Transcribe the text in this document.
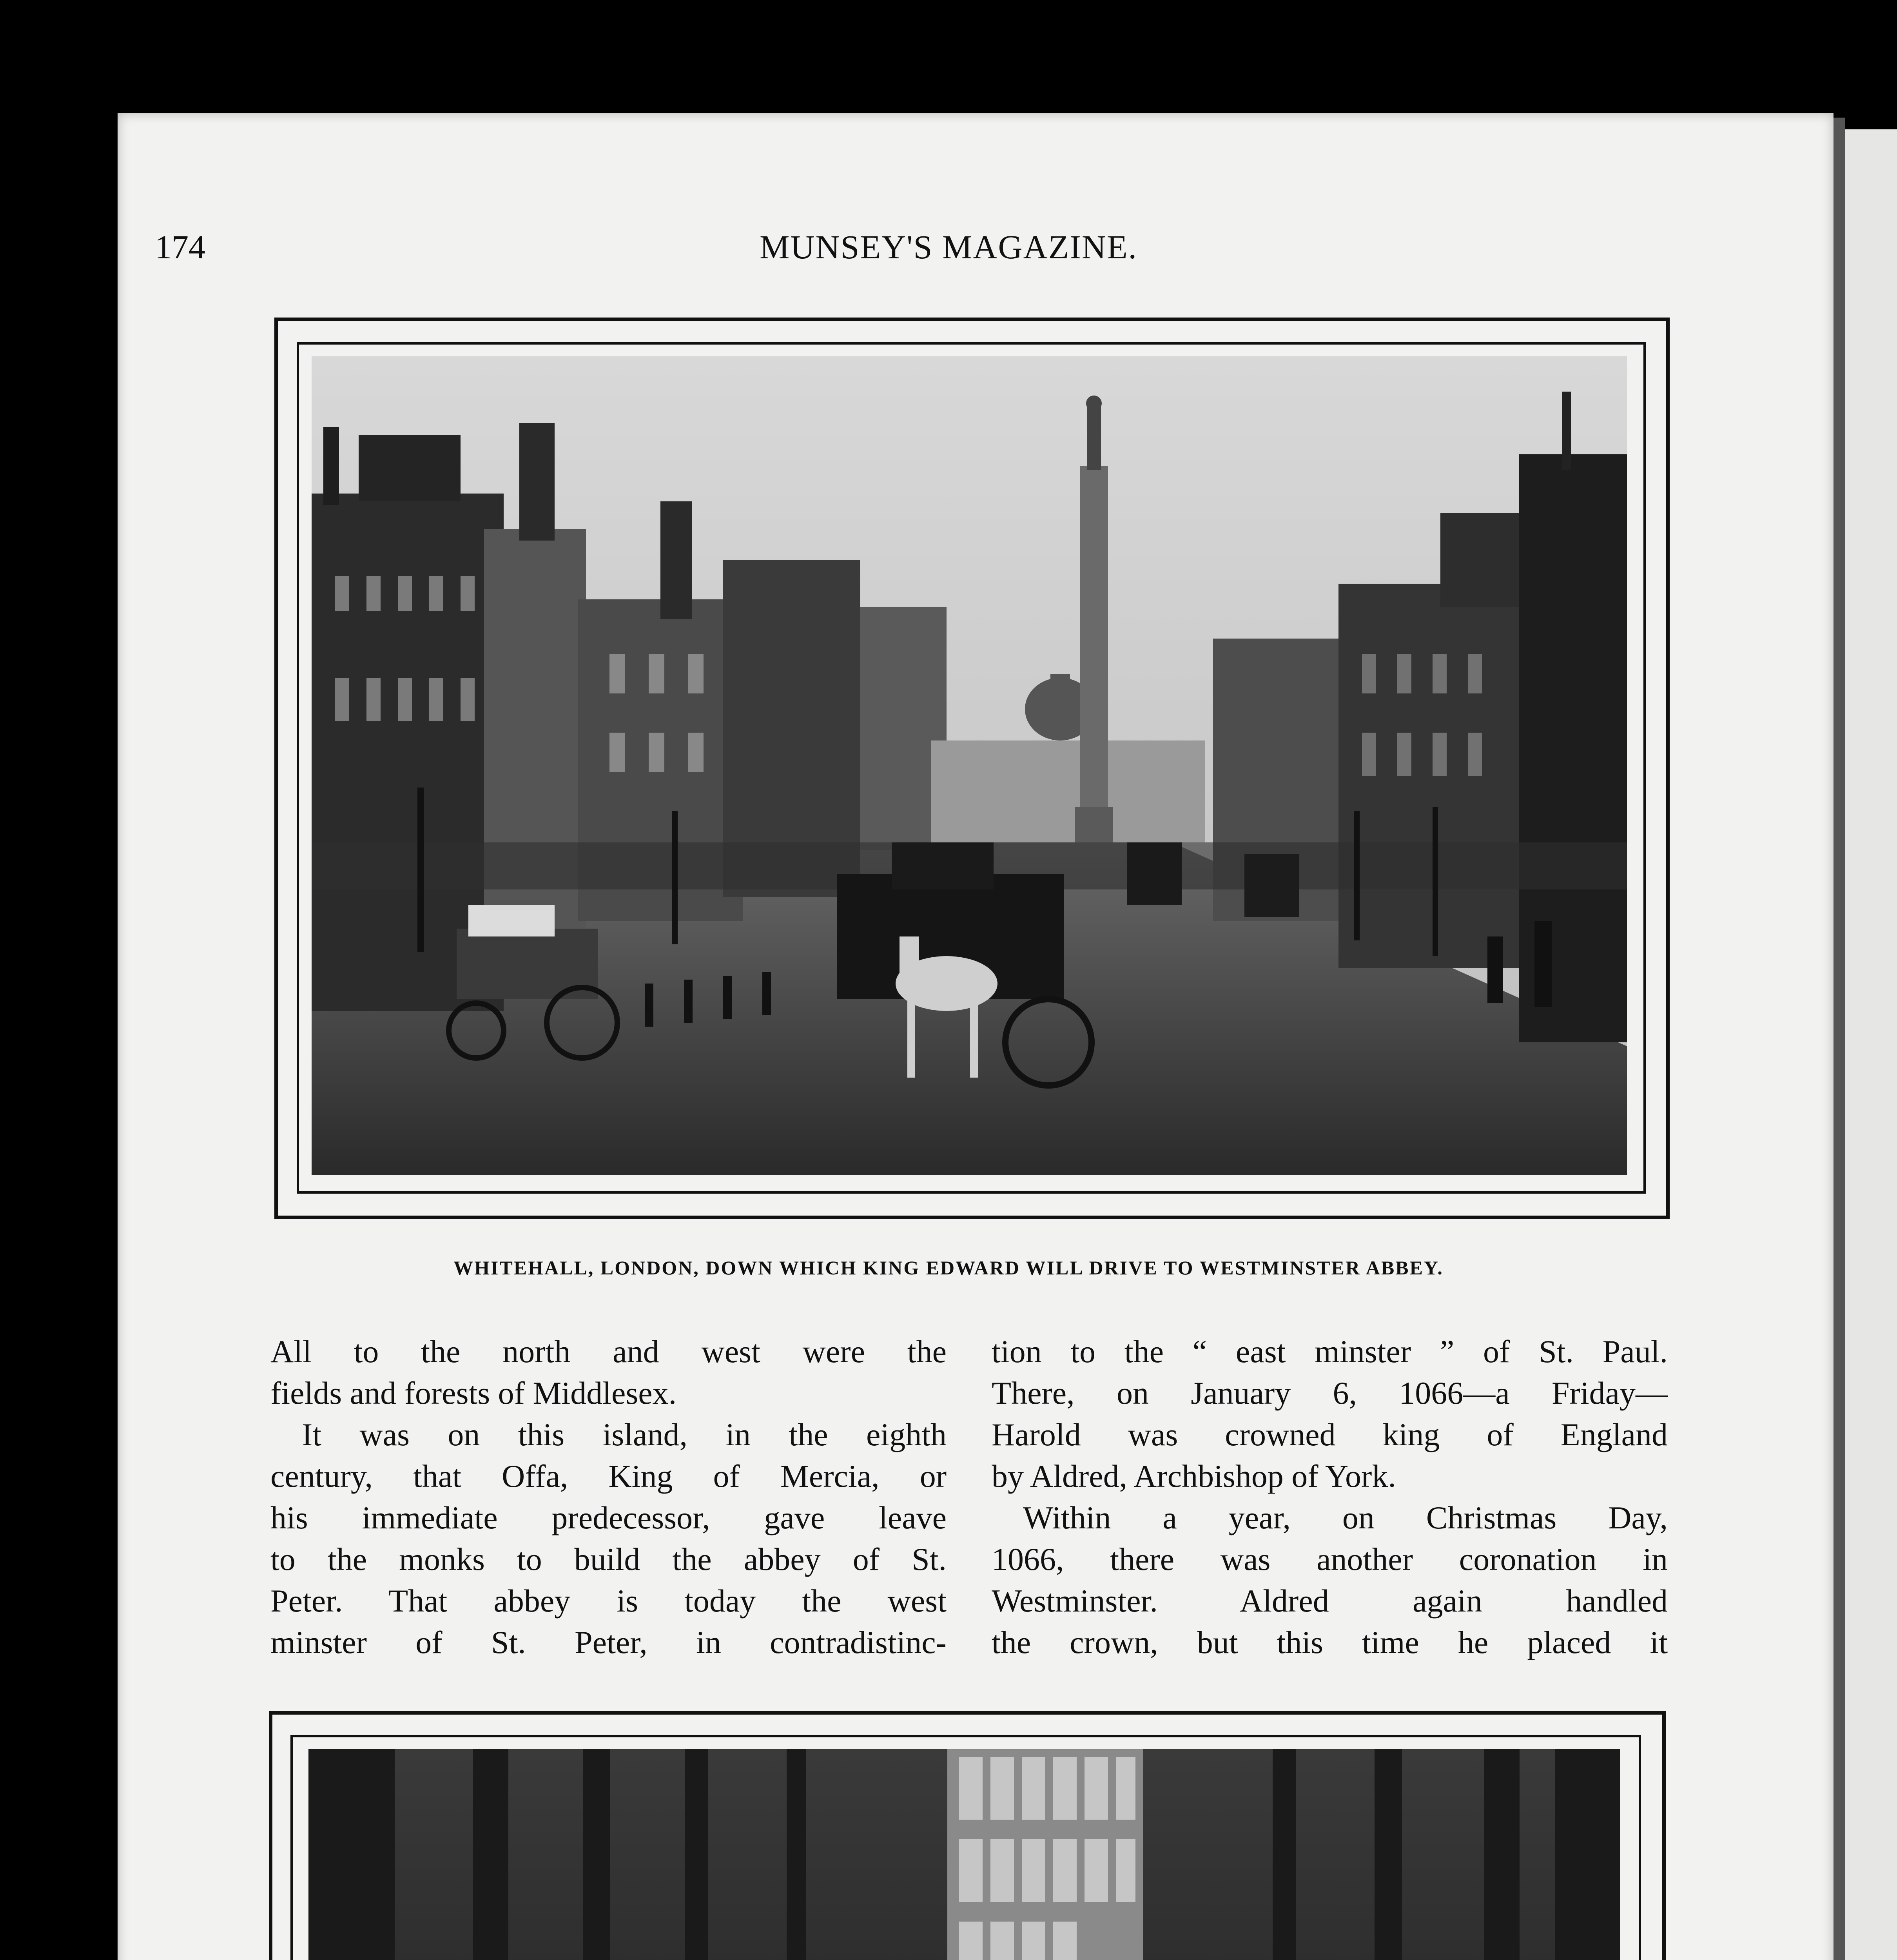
174	MUNSEY'S MAGAZINE.
WHITEHALL, LONDON, DOWN WHICH KING EDWARD WILL DRIVE TO WESTMINSTER ABBEY.

All to the north and west were the
fields and forests of Middlesex.

It was on this island, in the eighth
century, that Offa, King of Mercia, or
his immediate predecessor, gave leave
to the monks to build the abbey of St.
Peter. That abbey is today the west
minster of St. Peter, in contradistinc-

tion to the “ east minster ” of St. Paul.
There, on January 6, 1066—a Friday—
Harold was crowned king of England
by Aldred, Archbishop of York.

Within a year, on Christmas Day,
1066, there was another coronation in
Westminster. Aldred again handled
the crown, but this time he placed it
